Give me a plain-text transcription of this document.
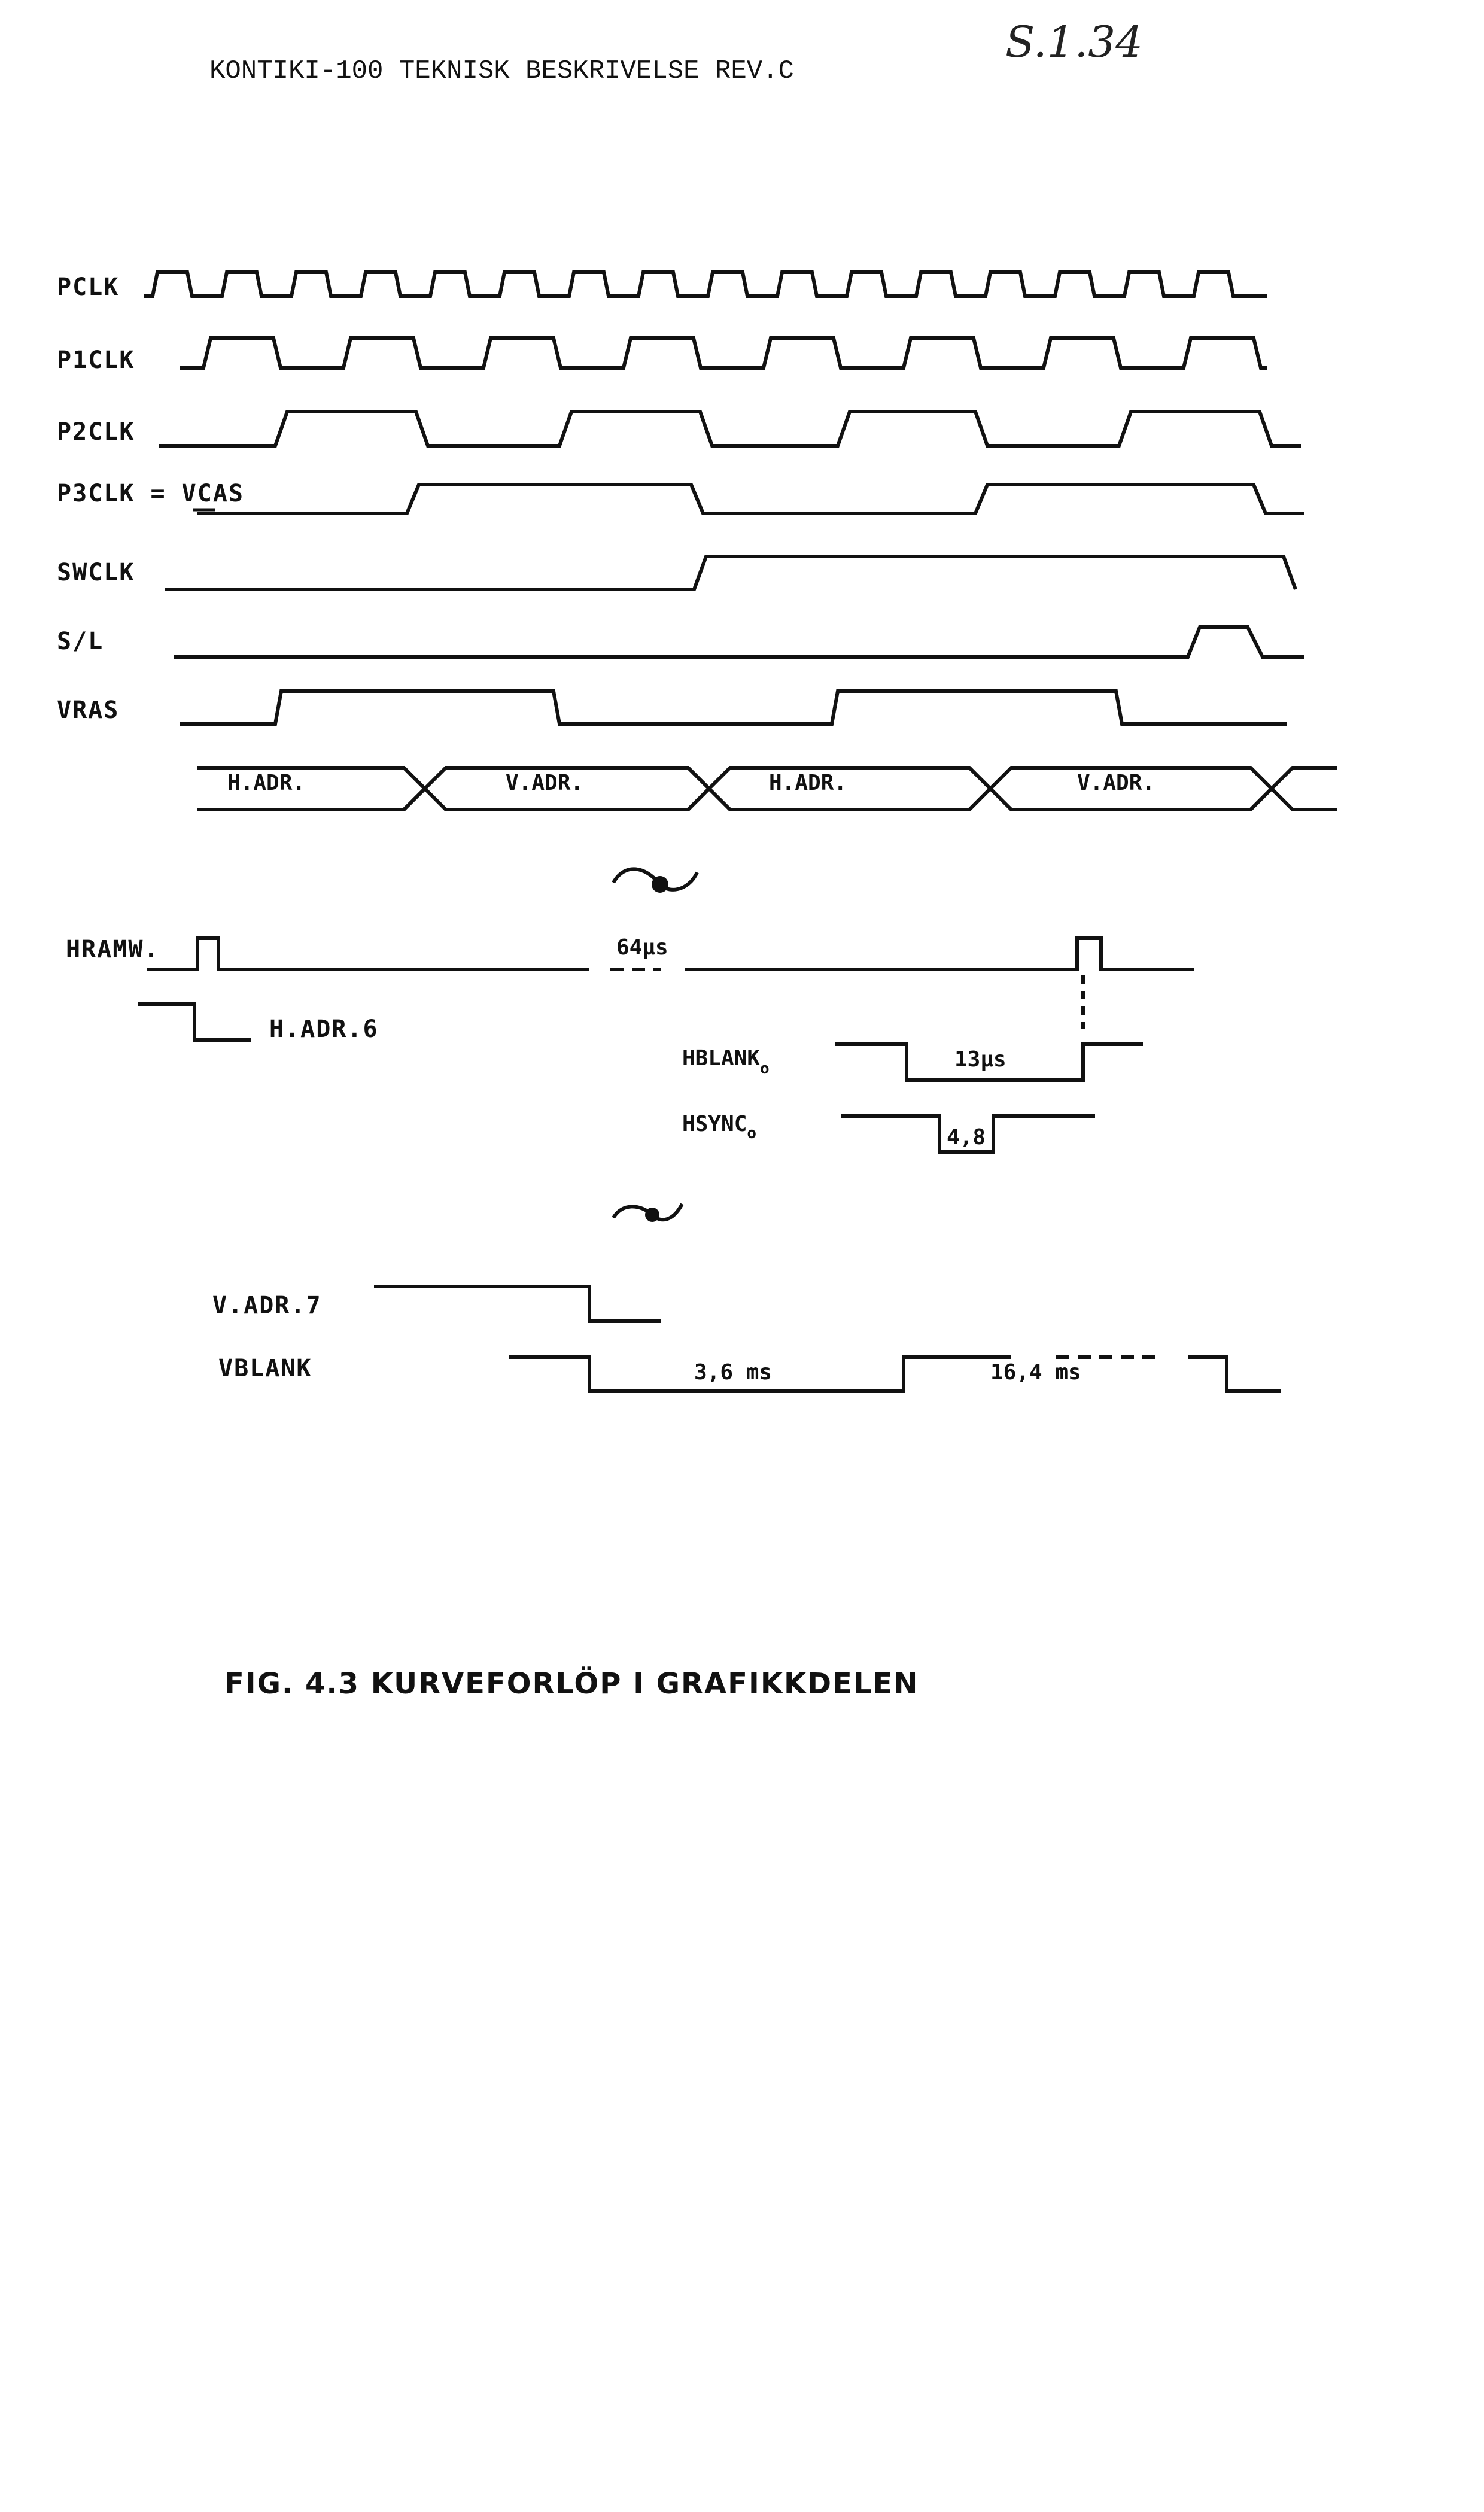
KONTIKI-100 TEKNISK BESKRIVELSE REV.C
S.1.34
PCLK
P1CLK
P2CLK
P3CLK = VCAS
SWCLK
S/L
VRAS
H.ADR.	V.ADR.	H.ADR.	V.ADR.
HRAMW.	64µs
H.ADR.6
$HBLANK_o$	13µs
$HSYNC_o$	4,8
V.ADR.7
VBLANK	3,6 ms	16,4 ms
FIG. 4.3 KURVEFORLÖP I GRAFIKKDELEN
